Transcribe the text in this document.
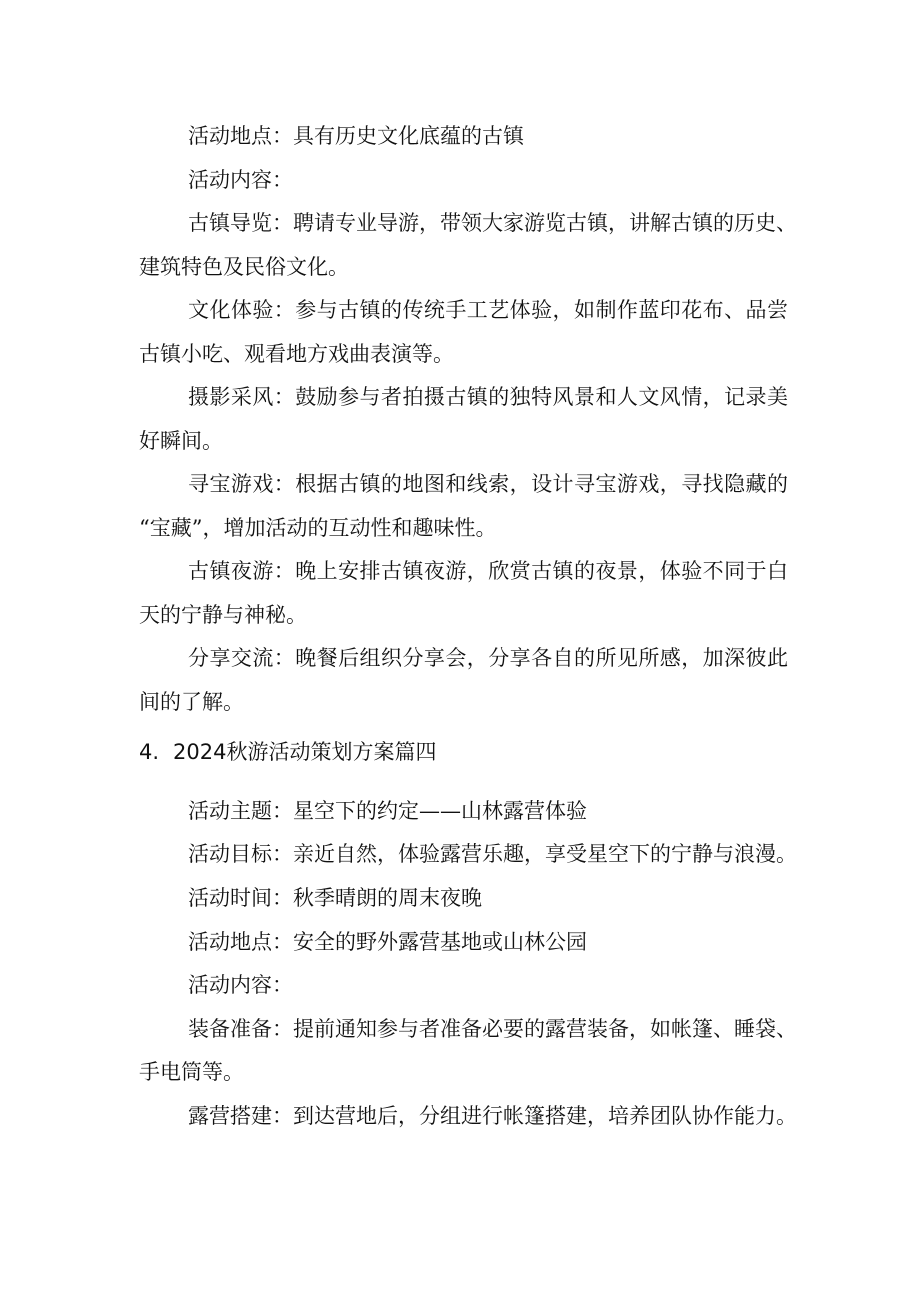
活动地点：具有历史文化底蕴的古镇
活动内容：
古镇导览：聘请专业导游，带领大家游览古镇，讲解古镇的历史、
建筑特色及民俗文化。
文化体验：参与古镇的传统手工艺体验，如制作蓝印花布、品尝
古镇小吃、观看地方戏曲表演等。
摄影采风：鼓励参与者拍摄古镇的独特风景和人文风情，记录美
好瞬间。
寻宝游戏：根据古镇的地图和线索，设计寻宝游戏，寻找隐藏的
“宝藏”，增加活动的互动性和趣味性。
古镇夜游：晚上安排古镇夜游，欣赏古镇的夜景，体验不同于白
天的宁静与神秘。
分享交流：晚餐后组织分享会，分享各自的所见所感，加深彼此
间的了解。
4. 2024秋游活动策划方案篇四
活动主题：星空下的约定——山林露营体验
活动目标：亲近自然，体验露营乐趣，享受星空下的宁静与浪漫。
活动时间：秋季晴朗的周末夜晚
活动地点：安全的野外露营基地或山林公园
活动内容：
装备准备：提前通知参与者准备必要的露营装备，如帐篷、睡袋、
手电筒等。
露营搭建：到达营地后，分组进行帐篷搭建，培养团队协作能力。
